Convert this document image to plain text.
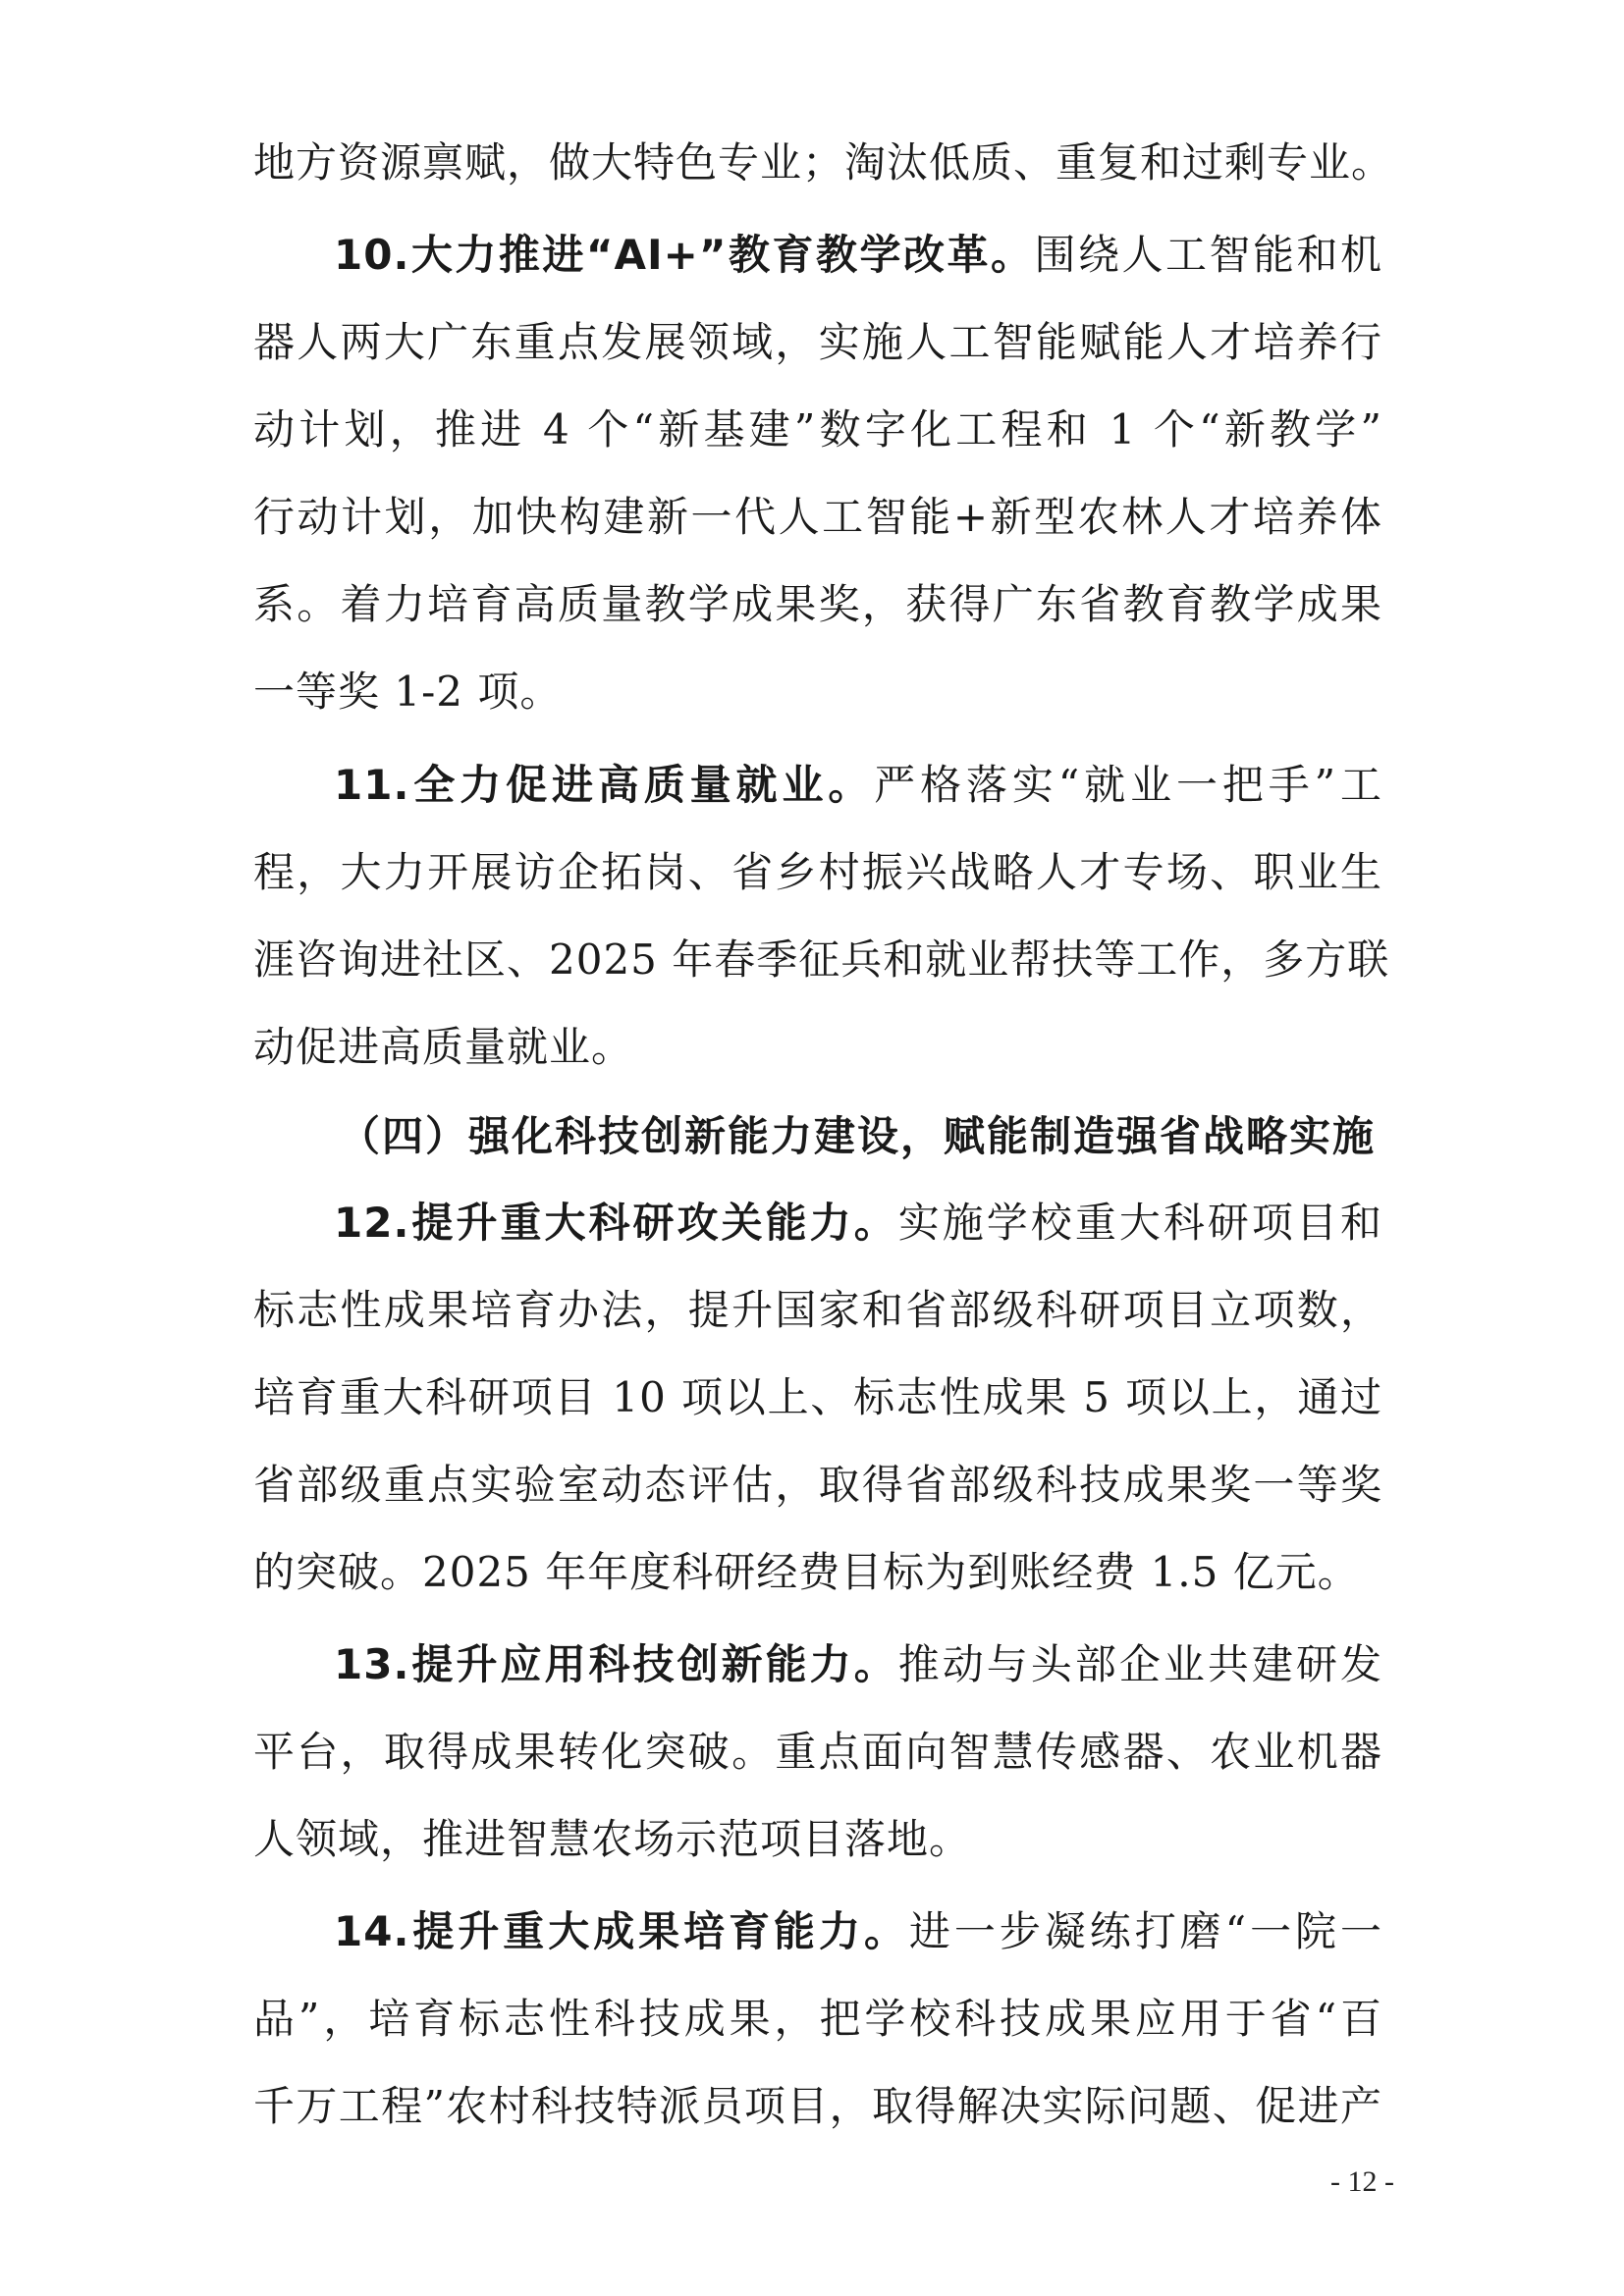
地方资源禀赋，做大特色专业；淘汰低质、重复和过剩专业。
10.大力推进“AI+”教育教学改革。围绕人工智能和机
器人两大广东重点发展领域，实施人工智能赋能人才培养行
动计划，推进 4 个“新基建”数字化工程和 1 个“新教学”
行动计划，加快构建新一代人工智能+新型农林人才培养体
系。着力培育高质量教学成果奖，获得广东省教育教学成果
一等奖 1-2 项。
11.全力促进高质量就业。严格落实“就业一把手”工
程，大力开展访企拓岗、省乡村振兴战略人才专场、职业生
涯咨询进社区、2025 年春季征兵和就业帮扶等工作，多方联
动促进高质量就业。
（四）强化科技创新能力建设，赋能制造强省战略实施
12.提升重大科研攻关能力。实施学校重大科研项目和
标志性成果培育办法，提升国家和省部级科研项目立项数，
培育重大科研项目 10 项以上、标志性成果 5 项以上，通过
省部级重点实验室动态评估，取得省部级科技成果奖一等奖
的突破。2025 年年度科研经费目标为到账经费 1.5 亿元。
13.提升应用科技创新能力。推动与头部企业共建研发
平台，取得成果转化突破。重点面向智慧传感器、农业机器
人领域，推进智慧农场示范项目落地。
14.提升重大成果培育能力。进一步凝练打磨“一院一
品”，培育标志性科技成果，把学校科技成果应用于省“百
千万工程”农村科技特派员项目，取得解决实际问题、促进产
- 12 -
